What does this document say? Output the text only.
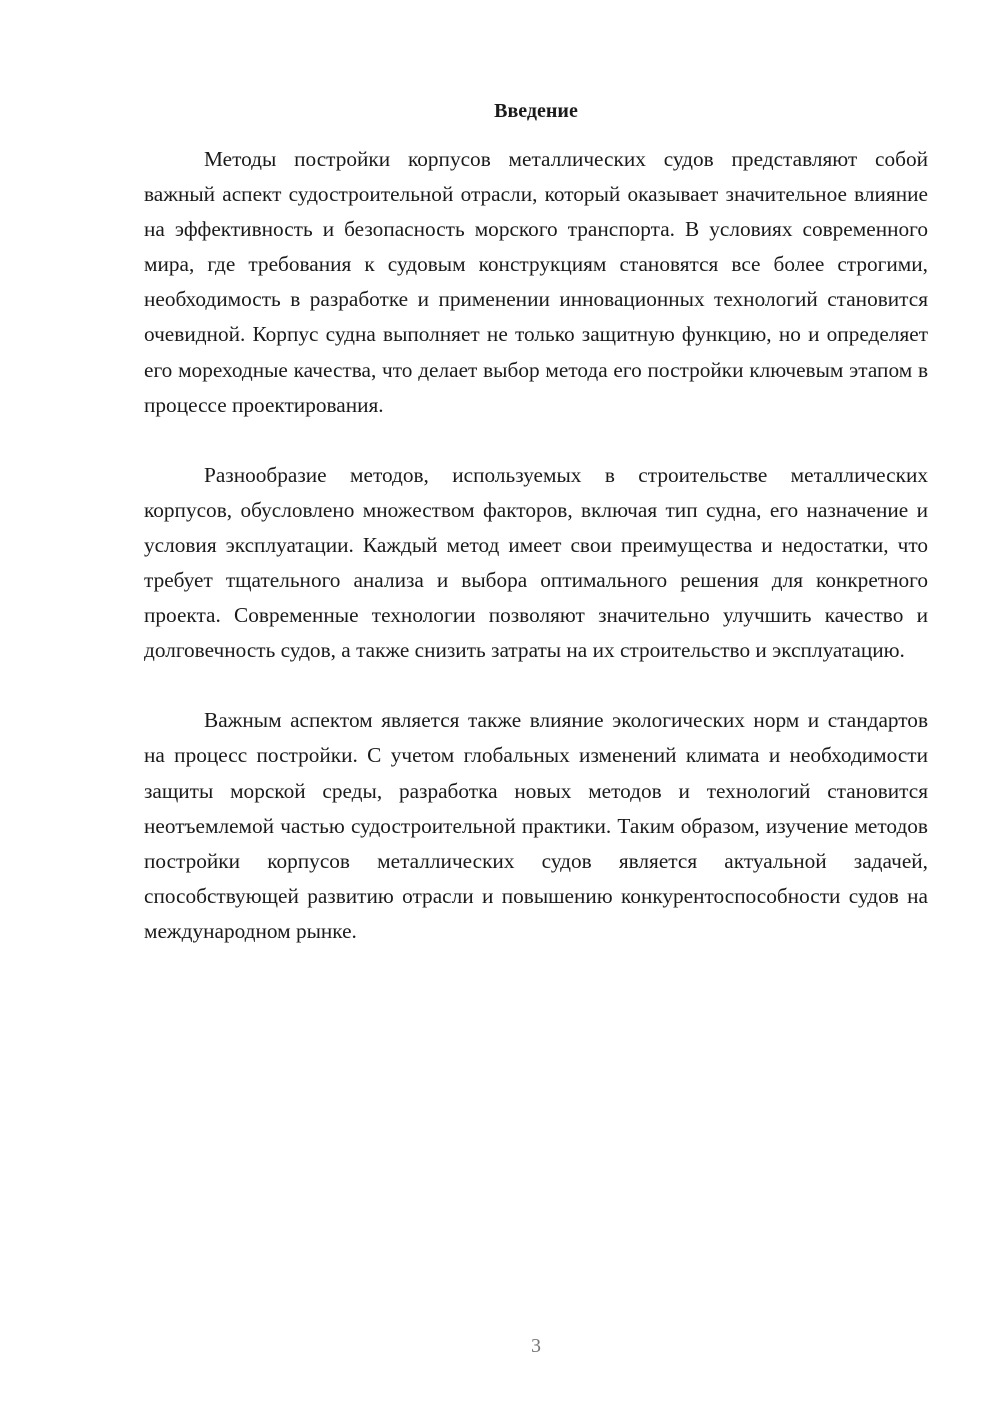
Введение

Методы постройки корпусов металлических судов представляют собой важный аспект судостроительной отрасли, который оказывает значительное влияние на эффективность и безопасность морского транспорта. В условиях современного мира, где требования к судовым конструкциям становятся все более строгими, необходимость в разработке и применении инновационных технологий становится очевидной. Корпус судна выполняет не только защитную функцию, но и определяет его мореходные качества, что делает выбор метода его постройки ключевым этапом в процессе проектирования.

Разнообразие методов, используемых в строительстве металлических корпусов, обусловлено множеством факторов, включая тип судна, его назначение и условия эксплуатации. Каждый метод имеет свои преимущества и недостатки, что требует тщательного анализа и выбора оптимального решения для конкретного проекта. Современные технологии позволяют значительно улучшить качество и долговечность судов, а также снизить затраты на их строительство и эксплуатацию.

Важным аспектом является также влияние экологических норм и стандартов на процесс постройки. С учетом глобальных изменений климата и необходимости защиты морской среды, разработка новых методов и технологий становится неотъемлемой частью судостроительной практики. Таким образом, изучение методов постройки корпусов металлических судов является актуальной задачей, способствующей развитию отрасли и повышению конкурентоспособности судов на международном рынке.

3
